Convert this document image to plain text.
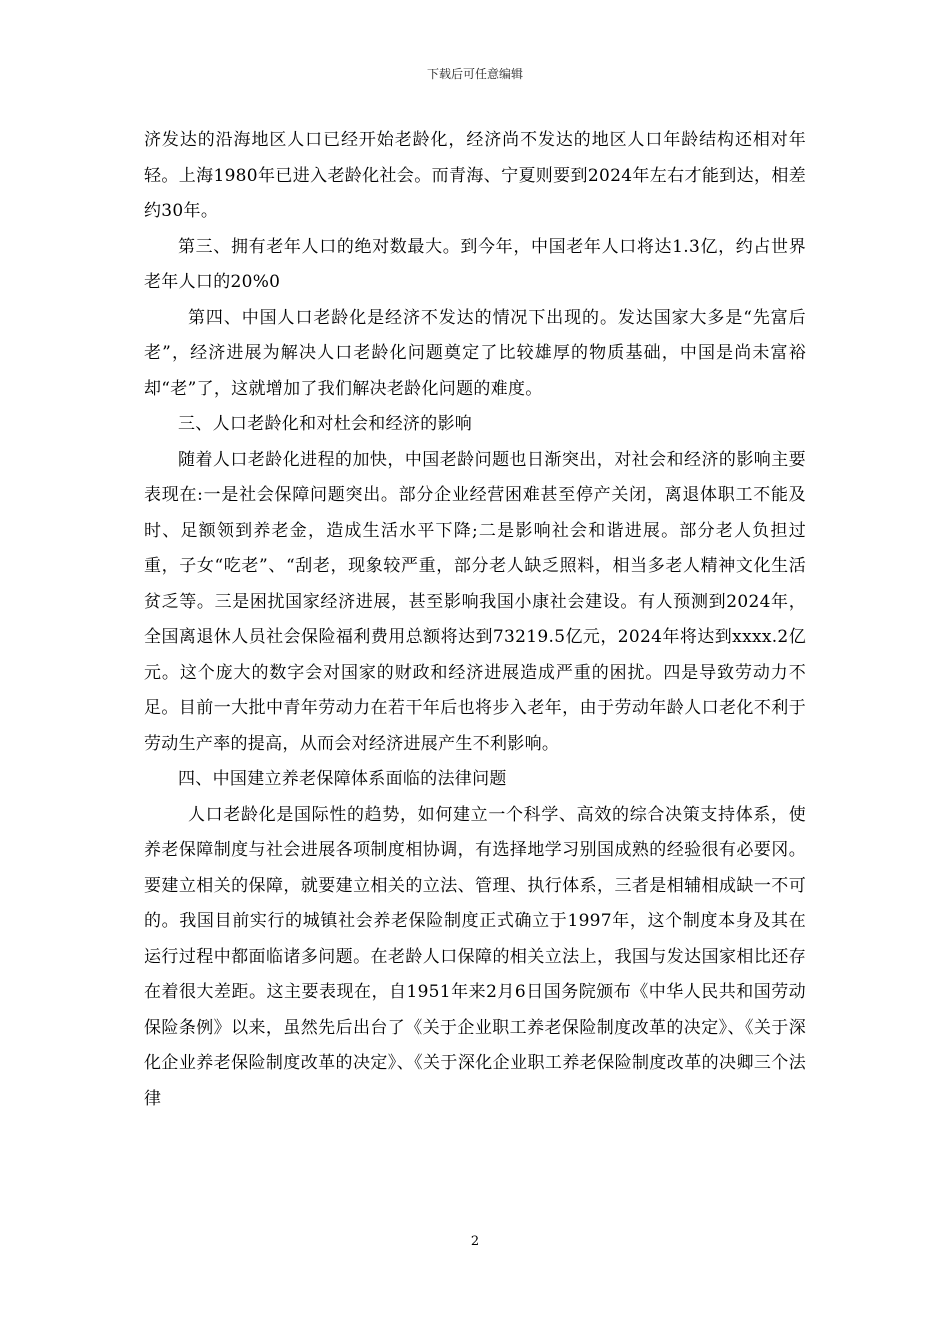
下载后可任意编辑

济发达的沿海地区人口已经开始老龄化，经济尚不发达的地区人口年龄结构还相对年轻。上海1980年已进入老龄化社会。而青海、宁夏则要到2024年左右才能到达，相差约30年。

第三、拥有老年人口的绝对数最大。到今年，中国老年人口将达1.3亿，约占世界老年人口的20%0

第四、中国人口老龄化是经济不发达的情况下出现的。发达国家大多是“先富后老”，经济进展为解决人口老龄化问题奠定了比较雄厚的物质基础，中国是尚未富裕却“老”了，这就增加了我们解决老龄化问题的难度。

三、人口老龄化和对杜会和经济的影响

随着人口老龄化进程的加快，中国老龄问题也日渐突出，对社会和经济的影响主要表现在:一是社会保障问题突出。部分企业经营困难甚至停产关闭，离退体职工不能及时、足额领到养老金，造成生活水平下降;二是影响社会和谐进展。部分老人负担过重，子女“吃老”、“刮老，现象较严重，部分老人缺乏照料，相当多老人精神文化生活贫乏等。三是困扰国家经济进展，甚至影响我国小康社会建设。有人预测到2024年，全国离退休人员社会保险福利费用总额将达到73219.5亿元，2024年将达到xxxx.2亿元。这个庞大的数字会对国家的财政和经济进展造成严重的困扰。四是导致劳动力不足。目前一大批中青年劳动力在若干年后也将步入老年，由于劳动年龄人口老化不利于劳动生产率的提高，从而会对经济进展产生不利影响。

四、中国建立养老保障体系面临的法律问题

人口老龄化是国际性的趋势，如何建立一个科学、高效的综合决策支持体系，使养老保障制度与社会进展各项制度相协调，有选择地学习别国成熟的经验很有必要冈。要建立相关的保障，就要建立相关的立法、管理、执行体系，三者是相辅相成缺一不可的。我国目前实行的城镇社会养老保险制度正式确立于1997年，这个制度本身及其在运行过程中都面临诸多问题。在老龄人口保障的相关立法上，我国与发达国家相比还存在着很大差距。这主要表现在，自1951年来2月6日国务院颁布《中华人民共和国劳动保险条例》以来，虽然先后出台了《关于企业职工养老保险制度改革的决定》、《关于深化企业养老保险制度改革的决定》、《关于深化企业职工养老保险制度改革的决卿三个法律

2
